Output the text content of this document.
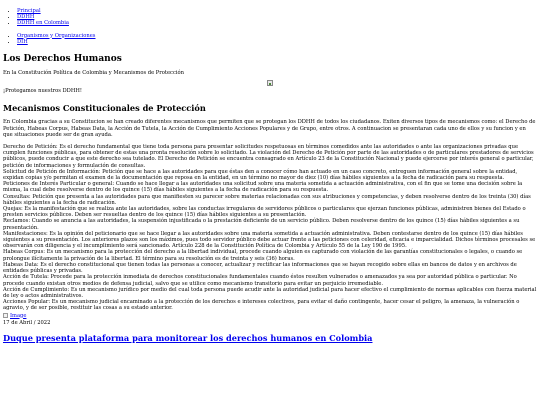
• Principal
• DDHH
• DDHH en Colombia
• Organismos y Organizaciones
• DIH
Los Derechos Humanos

En la Constitución Política de Colombia y Mecanismos de Protección

¡Protegamos nuestros DDHH!

Mecanismos Constitucionales de Protección

En Colombia gracias a su Constitucion se han creado diferentes mecanismos que permiten que se protegan los DDHH de todos los ciudadanos. Exiten diversos tipos de mecanismos como: el Derecho de Petición, Habeas Corpus, Habeas Data, la Acción de Tutela, la Acción de Cumplimiento Acciones Populares y de Grupo, entre otros. A continuacion se presentaran cada uno de ellos y su funcion y en que situaciones puede ser de gran ayuda.

Derecho de Petición: Es el derecho fundamental que tiene toda persona para presentar solicitudes respetuosas en términos comedidos ante las autoridades o ante las organizaciones privadas que cumplen funciones públicas, para obtener de estas una pronta resolución sobre lo solicitado. La violación del Derecho de Petición por parte de las autoridades o de particulares prestadores de servicios públicos, puede conducir a que este derecho sea tutelado. El Derecho de Petición se encuentra consagrado en Artículo 23 de la Constitución Nacional y puede ejercerse por interés general o particular, petición de informaciones y formulación de consultas.

Solicitud de Petición de Información: Petición que se hace a las autoridades para que éstas den a conocer cómo han actuado en un caso concreto, entreguen información general sobre la entidad, expidan copias y/o permitan el examen de la documentación que reposa en la entidad, en un término no mayor de diez (10) días hábiles siguientes a la fecha de radicación para su respuesta.

Peticiones de Interés Particular o general: Cuando se hace llegar a las autoridades una solicitud sobre una materia sometida a actuación administrativa, con el fin que se tome una decisión sobre la misma, la cual debe resolverse dentro de los quince (15) días hábiles siguientes a la fecha de radicación para su respuesta.

Consultas: Petición que presenta a las autoridades para que manifiesten su parecer sobre materias relacionadas con sus atribuciones y competencias, y deben resolverse dentro de los treinta (30) días hábiles siguientes a la fecha de radicación.

Quejas: Es la manifestación que se realiza ante las autoridades, sobre las conductas irregulares de servidores públicos o particulares que ejerzan funciones públicas, administren bienes del Estado o presten servicios públicos. Deben ser resueltas dentro de los quince (15) días hábiles siguientes a su presentación.

Reclamos: Cuando se anuncia a las autoridades, la suspensión injustificada o la prestación deficiente de un servicio público. Deben resolverse dentro de los quince (15) días hábiles siguientes a su presentación.

Manifestaciones: Es la opinión del peticionario que se hace llegar a las autoridades sobre una materia sometida a actuación administrativa. Deben contestarse dentro de los quince (15) días hábiles siguientes a su presentación. Los anteriores plazos son los máximos, pues todo servidor público debe actuar frente a las peticiones con celeridad, eficacia e imparcialidad. Dichos términos procesales se observarán con diligencia y el incumplimiento será sancionado. Artículo 228 de la Constitución Política de Colombia y Artículo 55 de la Ley 190 de 1995.

Habeas Corpus: Es un mecanismo para la protección del derecho a la libertad individual, procede cuando alguien es capturado con violación de las garantías constitucionales o legales, o cuando se prolongue ilícitamente la privación de la libertad. El término para su resolución es de treinta y seis (36) horas.

Habeas Data: Es el derecho constitucional que tienen todas las personas a conocer, actualizar y rectificar las informaciones que se hayan recogido sobre ellas en bancos de datos y en archivos de entidades públicas y privadas.

Acción de Tutela: Procede para la protección inmediata de derechos constitucionales fundamentales cuando éstos resulten vulnerados o amenazados ya sea por autoridad pública o particular. No procede cuando existan otros medios de defensa judicial, salvo que se utilice como mecanismo transitorio para evitar un perjuicio irremediable.

Acción de Cumplimiento: Es un mecanismo jurídico por medio del cual toda persona puede acudir ante la autoridad judicial para hacer efectivo el cumplimiento de normas aplicables con fuerza material de ley o actos administrativos.

Acciones Popular: Es un mecanismo judicial encaminado a la protección de los derechos e intereses colectivos, para evitar el daño contingente, hacer cesar el peligro, la amenaza, la vulneración o agravio, y de ser posible, restituir las cosas a su estado anterior.

Image

17 de Abril / 2022

Duque presenta plataforma para monitorear los derechos humanos en Colombia
